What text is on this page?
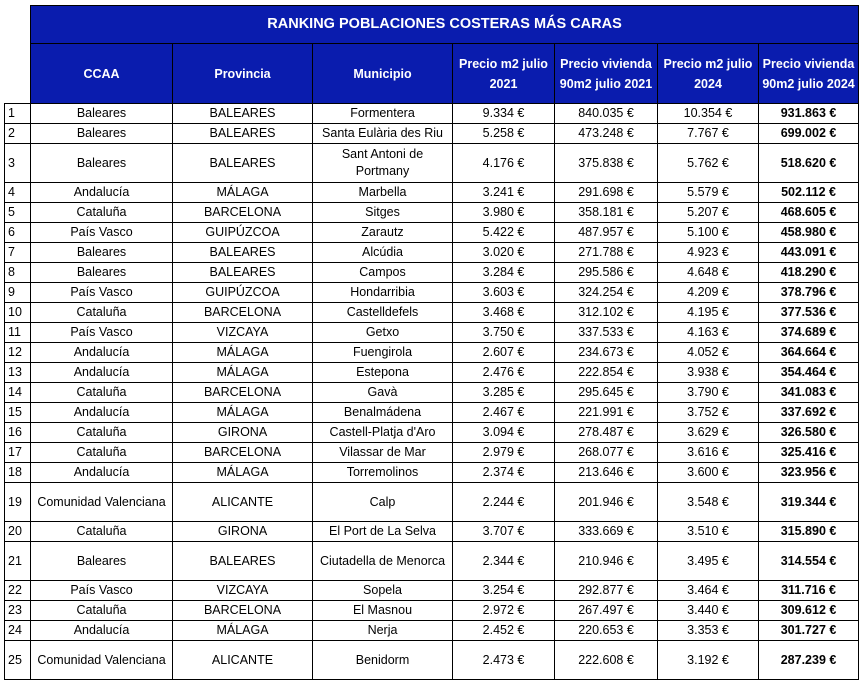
	RANKING POBLACIONES COSTERAS MÁS CARAS						
	CCAA	Provincia	Municipio	Precio m2 julio 2021	Precio vivienda 90m2 julio 2021	Precio m2 julio 2024	Precio vivienda 90m2 julio 2024
1	Baleares	BALEARES	Formentera	9.334 €	840.035 €	10.354 €	931.863 €
2	Baleares	BALEARES	Santa Eulària des Riu	5.258 €	473.248 €	7.767 €	699.002 €
3	Baleares	BALEARES	Sant Antoni de Portmany	4.176 €	375.838 €	5.762 €	518.620 €
4	Andalucía	MÁLAGA	Marbella	3.241 €	291.698 €	5.579 €	502.112 €
5	Cataluña	BARCELONA	Sitges	3.980 €	358.181 €	5.207 €	468.605 €
6	País Vasco	GUIPÚZCOA	Zarautz	5.422 €	487.957 €	5.100 €	458.980 €
7	Baleares	BALEARES	Alcúdia	3.020 €	271.788 €	4.923 €	443.091 €
8	Baleares	BALEARES	Campos	3.284 €	295.586 €	4.648 €	418.290 €
9	País Vasco	GUIPÚZCOA	Hondarribia	3.603 €	324.254 €	4.209 €	378.796 €
10	Cataluña	BARCELONA	Castelldefels	3.468 €	312.102 €	4.195 €	377.536 €
11	País Vasco	VIZCAYA	Getxo	3.750 €	337.533 €	4.163 €	374.689 €
12	Andalucía	MÁLAGA	Fuengirola	2.607 €	234.673 €	4.052 €	364.664 €
13	Andalucía	MÁLAGA	Estepona	2.476 €	222.854 €	3.938 €	354.464 €
14	Cataluña	BARCELONA	Gavà	3.285 €	295.645 €	3.790 €	341.083 €
15	Andalucía	MÁLAGA	Benalmádena	2.467 €	221.991 €	3.752 €	337.692 €
16	Cataluña	GIRONA	Castell-Platja d'Aro	3.094 €	278.487 €	3.629 €	326.580 €
17	Cataluña	BARCELONA	Vilassar de Mar	2.979 €	268.077 €	3.616 €	325.416 €
18	Andalucía	MÁLAGA	Torremolinos	2.374 €	213.646 €	3.600 €	323.956 €
19	Comunidad Valenciana	ALICANTE	Calp	2.244 €	201.946 €	3.548 €	319.344 €
20	Cataluña	GIRONA	El Port de La Selva	3.707 €	333.669 €	3.510 €	315.890 €
21	Baleares	BALEARES	Ciutadella de Menorca	2.344 €	210.946 €	3.495 €	314.554 €
22	País Vasco	VIZCAYA	Sopela	3.254 €	292.877 €	3.464 €	311.716 €
23	Cataluña	BARCELONA	El Masnou	2.972 €	267.497 €	3.440 €	309.612 €
24	Andalucía	MÁLAGA	Nerja	2.452 €	220.653 €	3.353 €	301.727 €
25	Comunidad Valenciana	ALICANTE	Benidorm	2.473 €	222.608 €	3.192 €	287.239 €
